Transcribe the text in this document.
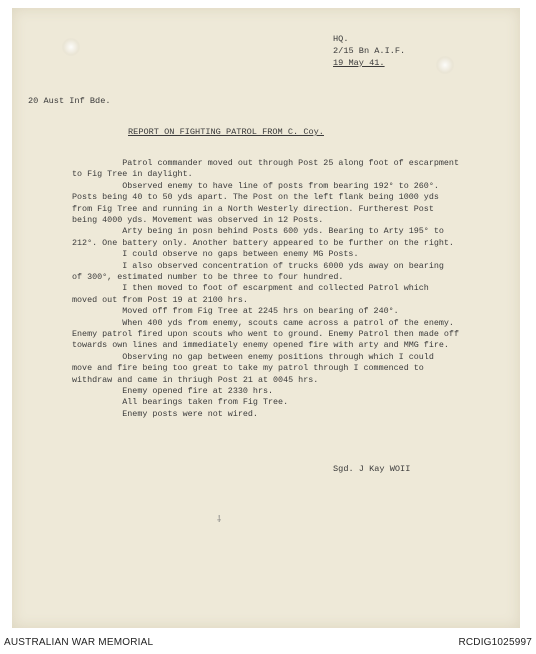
HQ.
2/15 Bn A.I.F.
19 May 41.
20 Aust Inf Bde.
REPORT ON FIGHTING PATROL FROM C. Coy.
Patrol commander moved out through Post 25 along foot of escarpment
to Fig Tree in daylight.
Observed enemy to have line of posts from bearing 192° to 260°.
Posts being 40 to 50 yds apart. The Post on the left flank being 1000 yds
from Fig Tree and running in a North Westerly direction. Furtherest Post
being 4000 yds. Movement was observed in 12 Posts.
Arty being in posn behind Posts 600 yds. Bearing to Arty 195° to
212°. One battery only. Another battery appeared to be further on the right.
I could observe no gaps between enemy MG Posts.
I also observed concentration of trucks 6000 yds away on bearing
of 300°, estimated number to be three to four hundred.
I then moved to foot of escarpment and collected Patrol which
moved out from Post 19 at 2100 hrs.
Moved off from Fig Tree at 2245 hrs on bearing of 240°.
When 400 yds from enemy, scouts came across a patrol of the enemy.
Enemy patrol fired upon scouts who went to ground. Enemy Patrol then made off
towards own lines and immediately enemy opened fire with arty and MMG fire.
Observing no gap between enemy positions through which I could
move and fire being too great to take my patrol through I commenced to
withdraw and came in thriugh Post 21 at 0045 hrs.
Enemy opened fire at 2330 hrs.
All bearings taken from Fig Tree.
Enemy posts were not wired.
Sgd. J Kay WOII
⸸
AUSTRALIAN WAR MEMORIAL	RCDIG1025997
